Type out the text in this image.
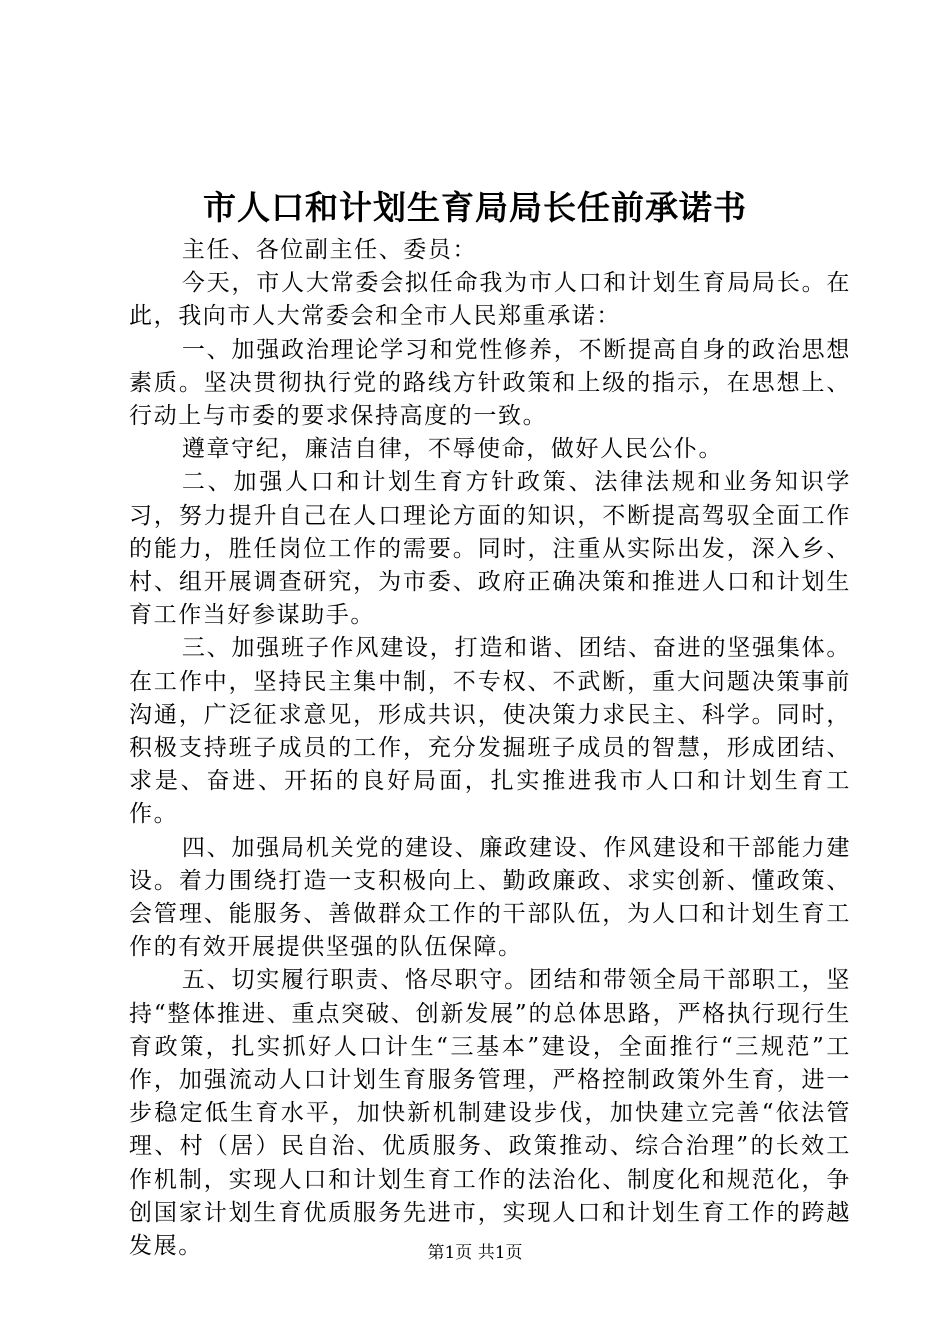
市人口和计划生育局局长任前承诺书

主任、各位副主任、委员：

今天，市人大常委会拟任命我为市人口和计划生育局局长。在此，我向市人大常委会和全市人民郑重承诺：

一、加强政治理论学习和党性修养，不断提高自身的政治思想素质。坚决贯彻执行党的路线方针政策和上级的指示，在思想上、行动上与市委的要求保持高度的一致。

遵章守纪，廉洁自律，不辱使命，做好人民公仆。

二、加强人口和计划生育方针政策、法律法规和业务知识学习，努力提升自己在人口理论方面的知识，不断提高驾驭全面工作的能力，胜任岗位工作的需要。同时，注重从实际出发，深入乡、村、组开展调查研究，为市委、政府正确决策和推进人口和计划生育工作当好参谋助手。

三、加强班子作风建设，打造和谐、团结、奋进的坚强集体。在工作中，坚持民主集中制，不专权、不武断，重大问题决策事前沟通，广泛征求意见，形成共识，使决策力求民主、科学。同时，积极支持班子成员的工作，充分发掘班子成员的智慧，形成团结、求是、奋进、开拓的良好局面，扎实推进我市人口和计划生育工作。

四、加强局机关党的建设、廉政建设、作风建设和干部能力建设。着力围绕打造一支积极向上、勤政廉政、求实创新、懂政策、会管理、能服务、善做群众工作的干部队伍，为人口和计划生育工作的有效开展提供坚强的队伍保障。

五、切实履行职责、恪尽职守。团结和带领全局干部职工，坚持“整体推进、重点突破、创新发展”的总体思路，严格执行现行生育政策，扎实抓好人口计生“三基本”建设，全面推行“三规范”工作，加强流动人口计划生育服务管理，严格控制政策外生育，进一步稳定低生育水平，加快新机制建设步伐，加快建立完善“依法管理、村（居）民自治、优质服务、政策推动、综合治理”的长效工作机制，实现人口和计划生育工作的法治化、制度化和规范化，争创国家计划生育优质服务先进市，实现人口和计划生育工作的跨越发展。	第1页 共1页
